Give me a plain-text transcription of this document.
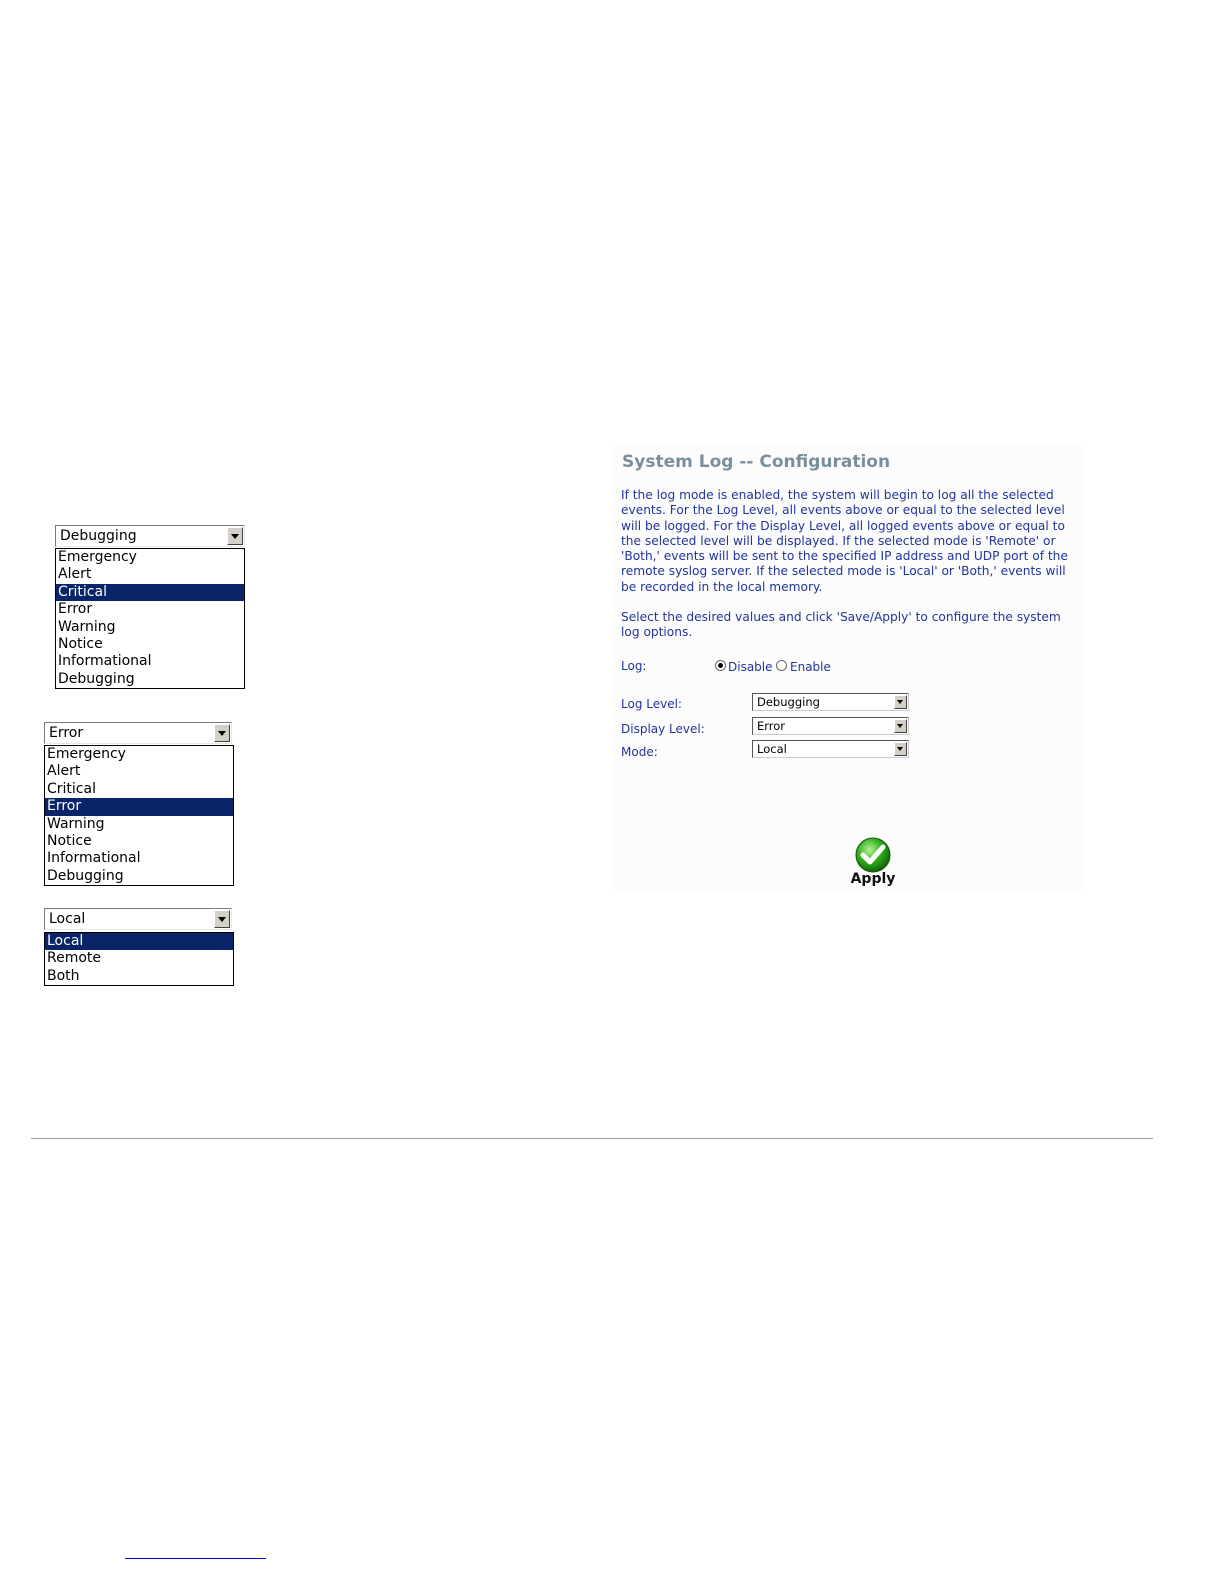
Debugging
Emergency
Alert
Critical
Error
Warning
Notice
Informational
Debugging
Error
Emergency
Alert
Critical
Error
Warning
Notice
Informational
Debugging
Local
Local
Remote
Both
System Log -- Configuration

If the log mode is enabled, the system will begin to log all the selected events. For the Log Level, all events above or equal to the selected level will be logged. For the Display Level, all logged events above or equal to the selected level will be displayed. If the selected mode is 'Remote' or 'Both,' events will be sent to the specified IP address and UDP port of the remote syslog server. If the selected mode is 'Local' or 'Both,' events will be recorded in the local memory.

Select the desired values and click 'Save/Apply' to configure the system log options.

Log:	Disable Enable
Log Level:	Debugging
Display Level:	Error
Mode:	Local
Apply
